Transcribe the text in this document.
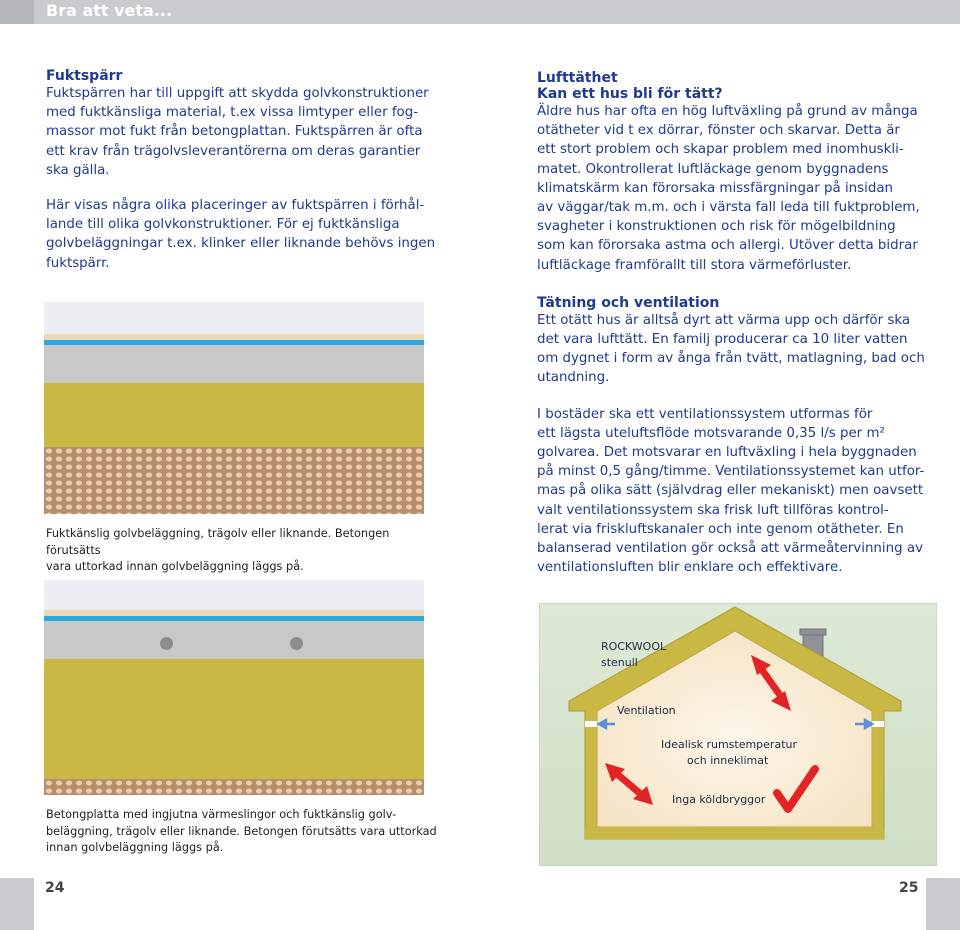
Bra att veta...
Fuktspärr

Fuktspärren har till uppgift att skydda golvkonstruktioner
med fuktkänsliga material, t.ex vissa limtyper eller fog-
massor mot fukt från betongplattan. Fuktspärren är ofta
ett krav från trägolvsleverantörerna om deras garantier
ska gälla.

Här visas några olika placeringer av fuktspärren i förhål-
lande till olika golvkonstruktioner. För ej fuktkänsliga
golvbeläggningar t.ex. klinker eller liknande behövs ingen
fuktspärr.

Fuktkänslig golvbeläggning, trägolv eller liknande. Betongen förutsätts
vara uttorkad innan golvbeläggning läggs på.

Betongplatta med ingjutna värmeslingor och fuktkänslig golv-
beläggning, trägolv eller liknande. Betongen förutsätts vara uttorkad
innan golvbeläggning läggs på.

Lufttäthet
Kan ett hus bli för tätt?

Äldre hus har ofta en hög luftväxling på grund av många
otätheter vid t ex dörrar, fönster och skarvar. Detta är
ett stort problem och skapar problem med inomhuskli-
matet. Okontrollerat luftläckage genom byggnadens
klimatskärm kan förorsaka missfärgningar på insidan
av väggar/tak m.m. och i värsta fall leda till fuktproblem,
svagheter i konstruktionen och risk för mögelbildning
som kan förorsaka astma och allergi. Utöver detta bidrar
luftläckage framförallt till stora värmeförluster.

Tätning och ventilation

Ett otätt hus är alltså dyrt att värma upp och därför ska
det vara lufttätt. En familj producerar ca 10 liter vatten
om dygnet i form av ånga från tvätt, matlagning, bad och
utandning.

I bostäder ska ett ventilationssystem utformas för
ett lägsta uteluftsflöde motsvarande 0,35 l/s per m²
golvarea. Det motsvarar en luftväxling i hela byggnaden
på minst 0,5 gång/timme. Ventilationssystemet kan utfor-
mas på olika sätt (självdrag eller mekaniskt) men oavsett
valt ventilationssystem ska frisk luft tillföras kontrol-
lerat via friskluftskanaler och inte genom otätheter. En
balanserad ventilation gör också att värmeåtervinning av
ventilationsluften blir enklare och effektivare.

ROCKWOOL
stenull
Ventilation
Idealisk rumstemperatur
och inneklimat
Inga köldbryggor
24	25
